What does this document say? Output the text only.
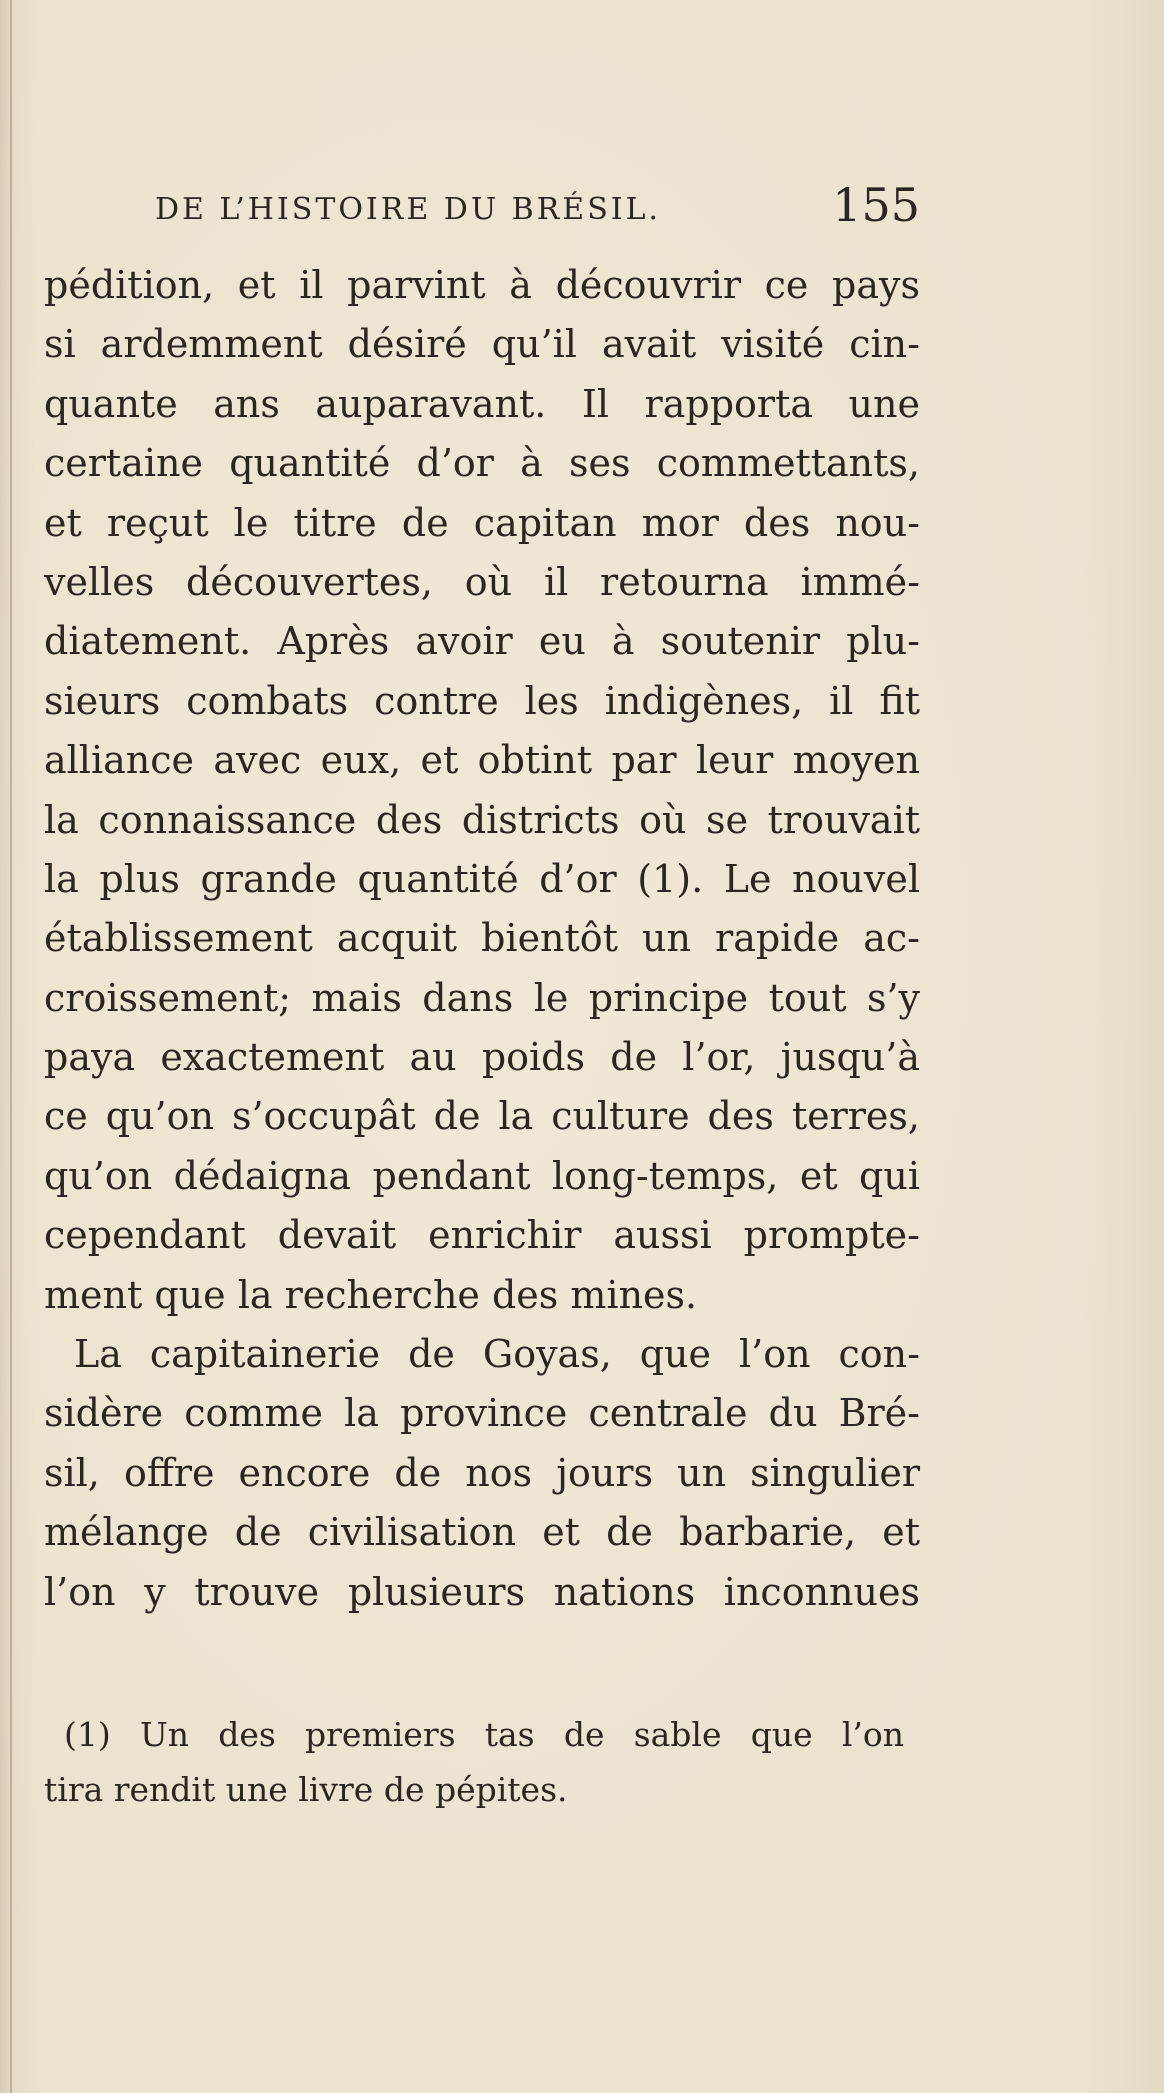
DE L’HISTOIRE DU BRÉSIL.	155
pédition, et il parvint à découvrir ce pays
si ardemment désiré qu’il avait visité cin-
quante ans auparavant. Il rapporta une
certaine quantité d’or à ses commettants,
et reçut le titre de capitan mor des nou-
velles découvertes, où il retourna immé-
diatement. Après avoir eu à soutenir plu-
sieurs combats contre les indigènes, il fit
alliance avec eux, et obtint par leur moyen
la connaissance des districts où se trouvait
la plus grande quantité d’or (1). Le nouvel
établissement acquit bientôt un rapide ac-
croissement; mais dans le principe tout s’y
paya exactement au poids de l’or, jusqu’à
ce qu’on s’occupât de la culture des terres,
qu’on dédaigna pendant long-temps, et qui
cependant devait enrichir aussi prompte-
ment que la recherche des mines.
La capitainerie de Goyas, que l’on con-
sidère comme la province centrale du Bré-
sil, offre encore de nos jours un singulier
mélange de civilisation et de barbarie, et
l’on y trouve plusieurs nations inconnues
(1) Un des premiers tas de sable que l’on
tira rendit une livre de pépites.
